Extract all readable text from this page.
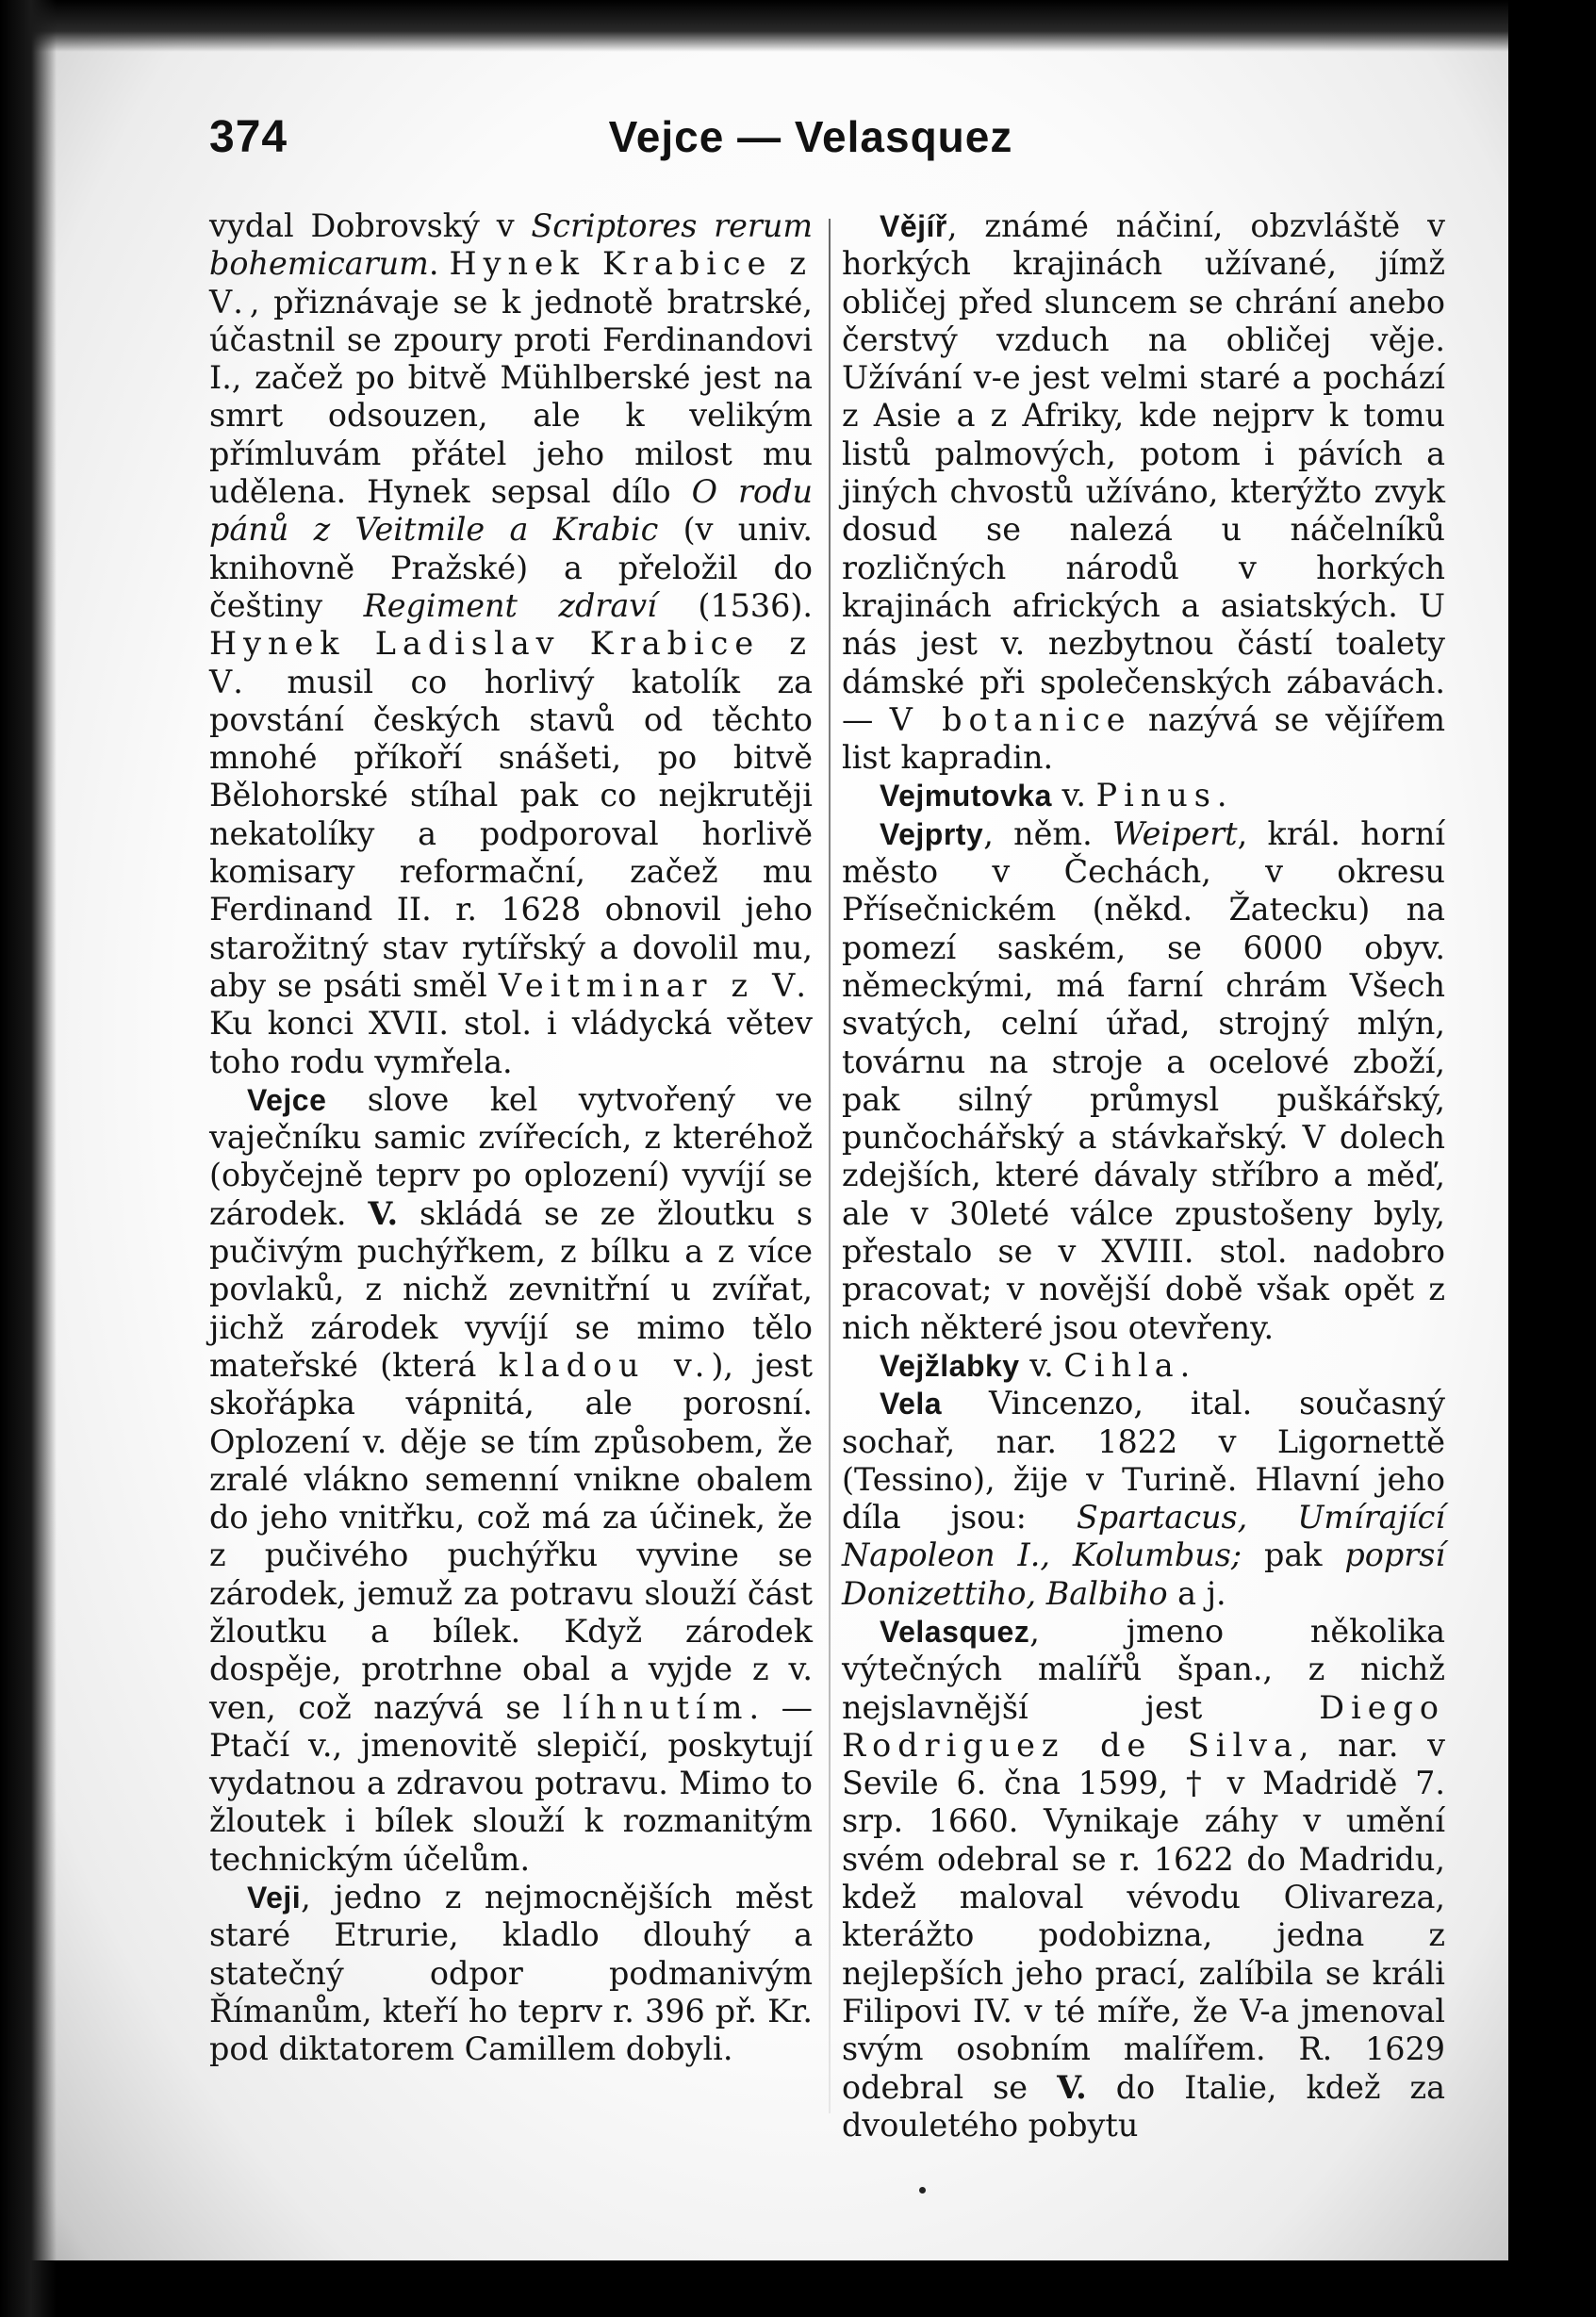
374	Vejce — Velasquez

vydal Dobrovský v Scriptores rerum bohemicarum. Hynek Krabice z V., přiznávaje se k jednotě bratrské, účastnil se zpoury proti Ferdinandovi I., začež po bitvě Mühlberské jest na smrt odsouzen, ale k velikým přímluvám přátel jeho milost mu udělena. Hynek sepsal dílo O rodu pánů z Veitmile a Krabic (v univ. knihovně Pražské) a přeložil do češtiny Regiment zdraví (1536). Hynek Ladislav Krabice z V. musil co horlivý katolík za povstání českých stavů od těchto mnohé příkoří snášeti, po bitvě Bělohorské stíhal pak co nejkrutěji nekatolíky a podporoval horlivě komisary reformační, začež mu Ferdinand II. r. 1628 obnovil jeho starožitný stav rytířský a dovolil mu, aby se psáti směl Veitminar z V. Ku konci XVII. stol. i vládycká větev toho rodu vymřela.

Vejce slove kel vytvořený ve vaječníku samic zvířecích, z kteréhož (obyčejně teprv po oplození) vyvíjí se zárodek. V. skládá se ze žloutku s pučivým puchýřkem, z bílku a z více povlaků, z nichž zevnitřní u zvířat, jichž zárodek vyvíjí se mimo tělo mateřské (která kladou v.), jest skořápka vápnitá, ale porosní. Oplození v. děje se tím způsobem, že zralé vlákno semenní vnikne obalem do jeho vnitřku, což má za účinek, že z pučivého puchýřku vyvine se zárodek, jemuž za potravu slouží část žloutku a bílek. Když zárodek dospěje, protrhne obal a vyjde z v. ven, což nazývá se líhnutím. — Ptačí v., jmenovitě slepičí, poskytují vydatnou a zdravou potravu. Mimo to žloutek i bílek slouží k rozmanitým technickým účelům.

Veji, jedno z nejmocnějších měst staré Etrurie, kladlo dlouhý a statečný odpor podmanivým Římanům, kteří ho teprv r. 396 př. Kr. pod diktatorem Camillem dobyli.

Vějíř, známé náčiní, obzvláště v horkých krajinách užívané, jímž obličej před sluncem se chrání anebo čerstvý vzduch na obličej věje. Užívání v-e jest velmi staré a pochází z Asie a z Afriky, kde nejprv k tomu listů palmových, potom i pávích a jiných chvostů užíváno, kterýžto zvyk dosud se nalezá u náčelníků rozličných národů v horkých krajinách afrických a asiatských. U nás jest v. nezbytnou částí toalety dámské při společenských zábavách. — V botanice nazývá se vějířem list kapradin.

Vejmutovka v. Pinus.

Vejprty, něm. Weipert, král. horní město v Čechách, v okresu Přísečnickém (někd. Žatecku) na pomezí saském, se 6000 obyv. německými, má farní chrám Všech svatých, celní úřad, strojný mlýn, továrnu na stroje a ocelové zboží, pak silný průmysl puškářský, punčochářský a stávkařský. V dolech zdejších, které dávaly stříbro a měď, ale v 30leté válce zpustošeny byly, přestalo se v XVIII. stol. nadobro pracovat; v novější době však opět z nich některé jsou otevřeny.

Vejžlabky v. Cihla.

Vela Vincenzo, ital. současný sochař, nar. 1822 v Ligornettě (Tessino), žije v Turině. Hlavní jeho díla jsou: Spartacus, Umírající Napoleon I., Kolumbus; pak poprsí Donizettiho, Balbiho a j.

Velasquez, jmeno několika výtečných malířů špan., z nichž nejslavnější jest Diego Rodriguez de Silva, nar. v Sevile 6. čna 1599, † v Madridě 7. srp. 1660. Vynikaje záhy v umění svém odebral se r. 1622 do Madridu, kdež maloval vévodu Olivareza, kterážto podobizna, jedna z nejlepších jeho prací, zalíbila se králi Filipovi IV. v té míře, že V-a jmenoval svým osobním malířem. R. 1629 odebral se V. do Italie, kdež za dvouletého pobytu
